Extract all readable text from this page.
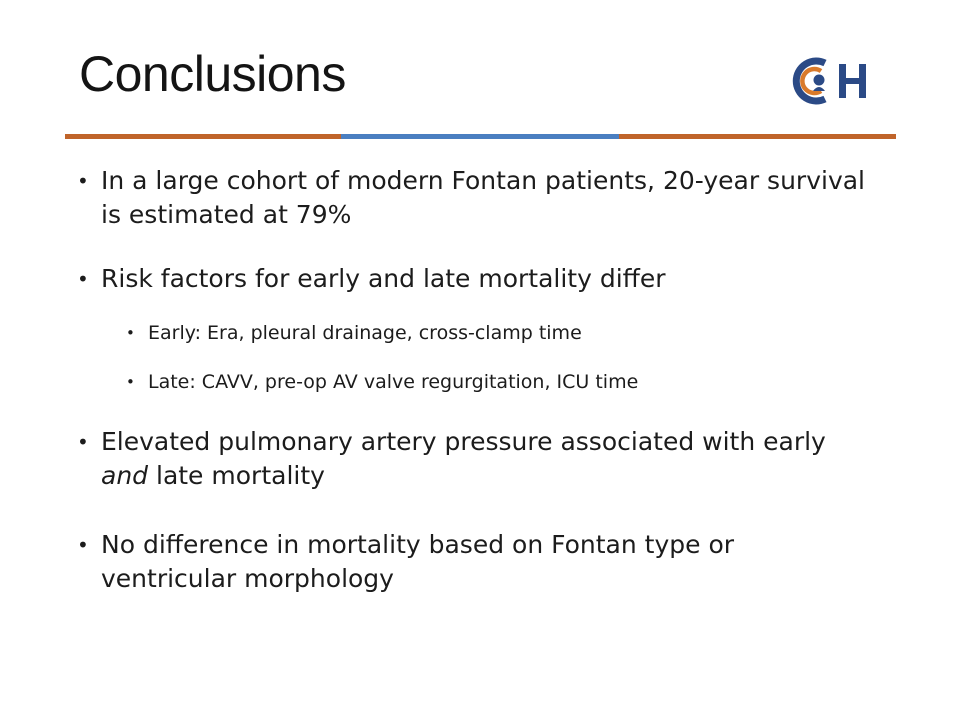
Conclusions
• In a large cohort of modern Fontan patients, 20-year survival is estimated at 79%
• Risk factors for early and late mortality differ
• Early: Era, pleural drainage, cross-clamp time
• Late: CAVV, pre-op AV valve regurgitation, ICU time
• Elevated pulmonary artery pressure associated with early and late mortality
• No difference in mortality based on Fontan type or ventricular morphology
